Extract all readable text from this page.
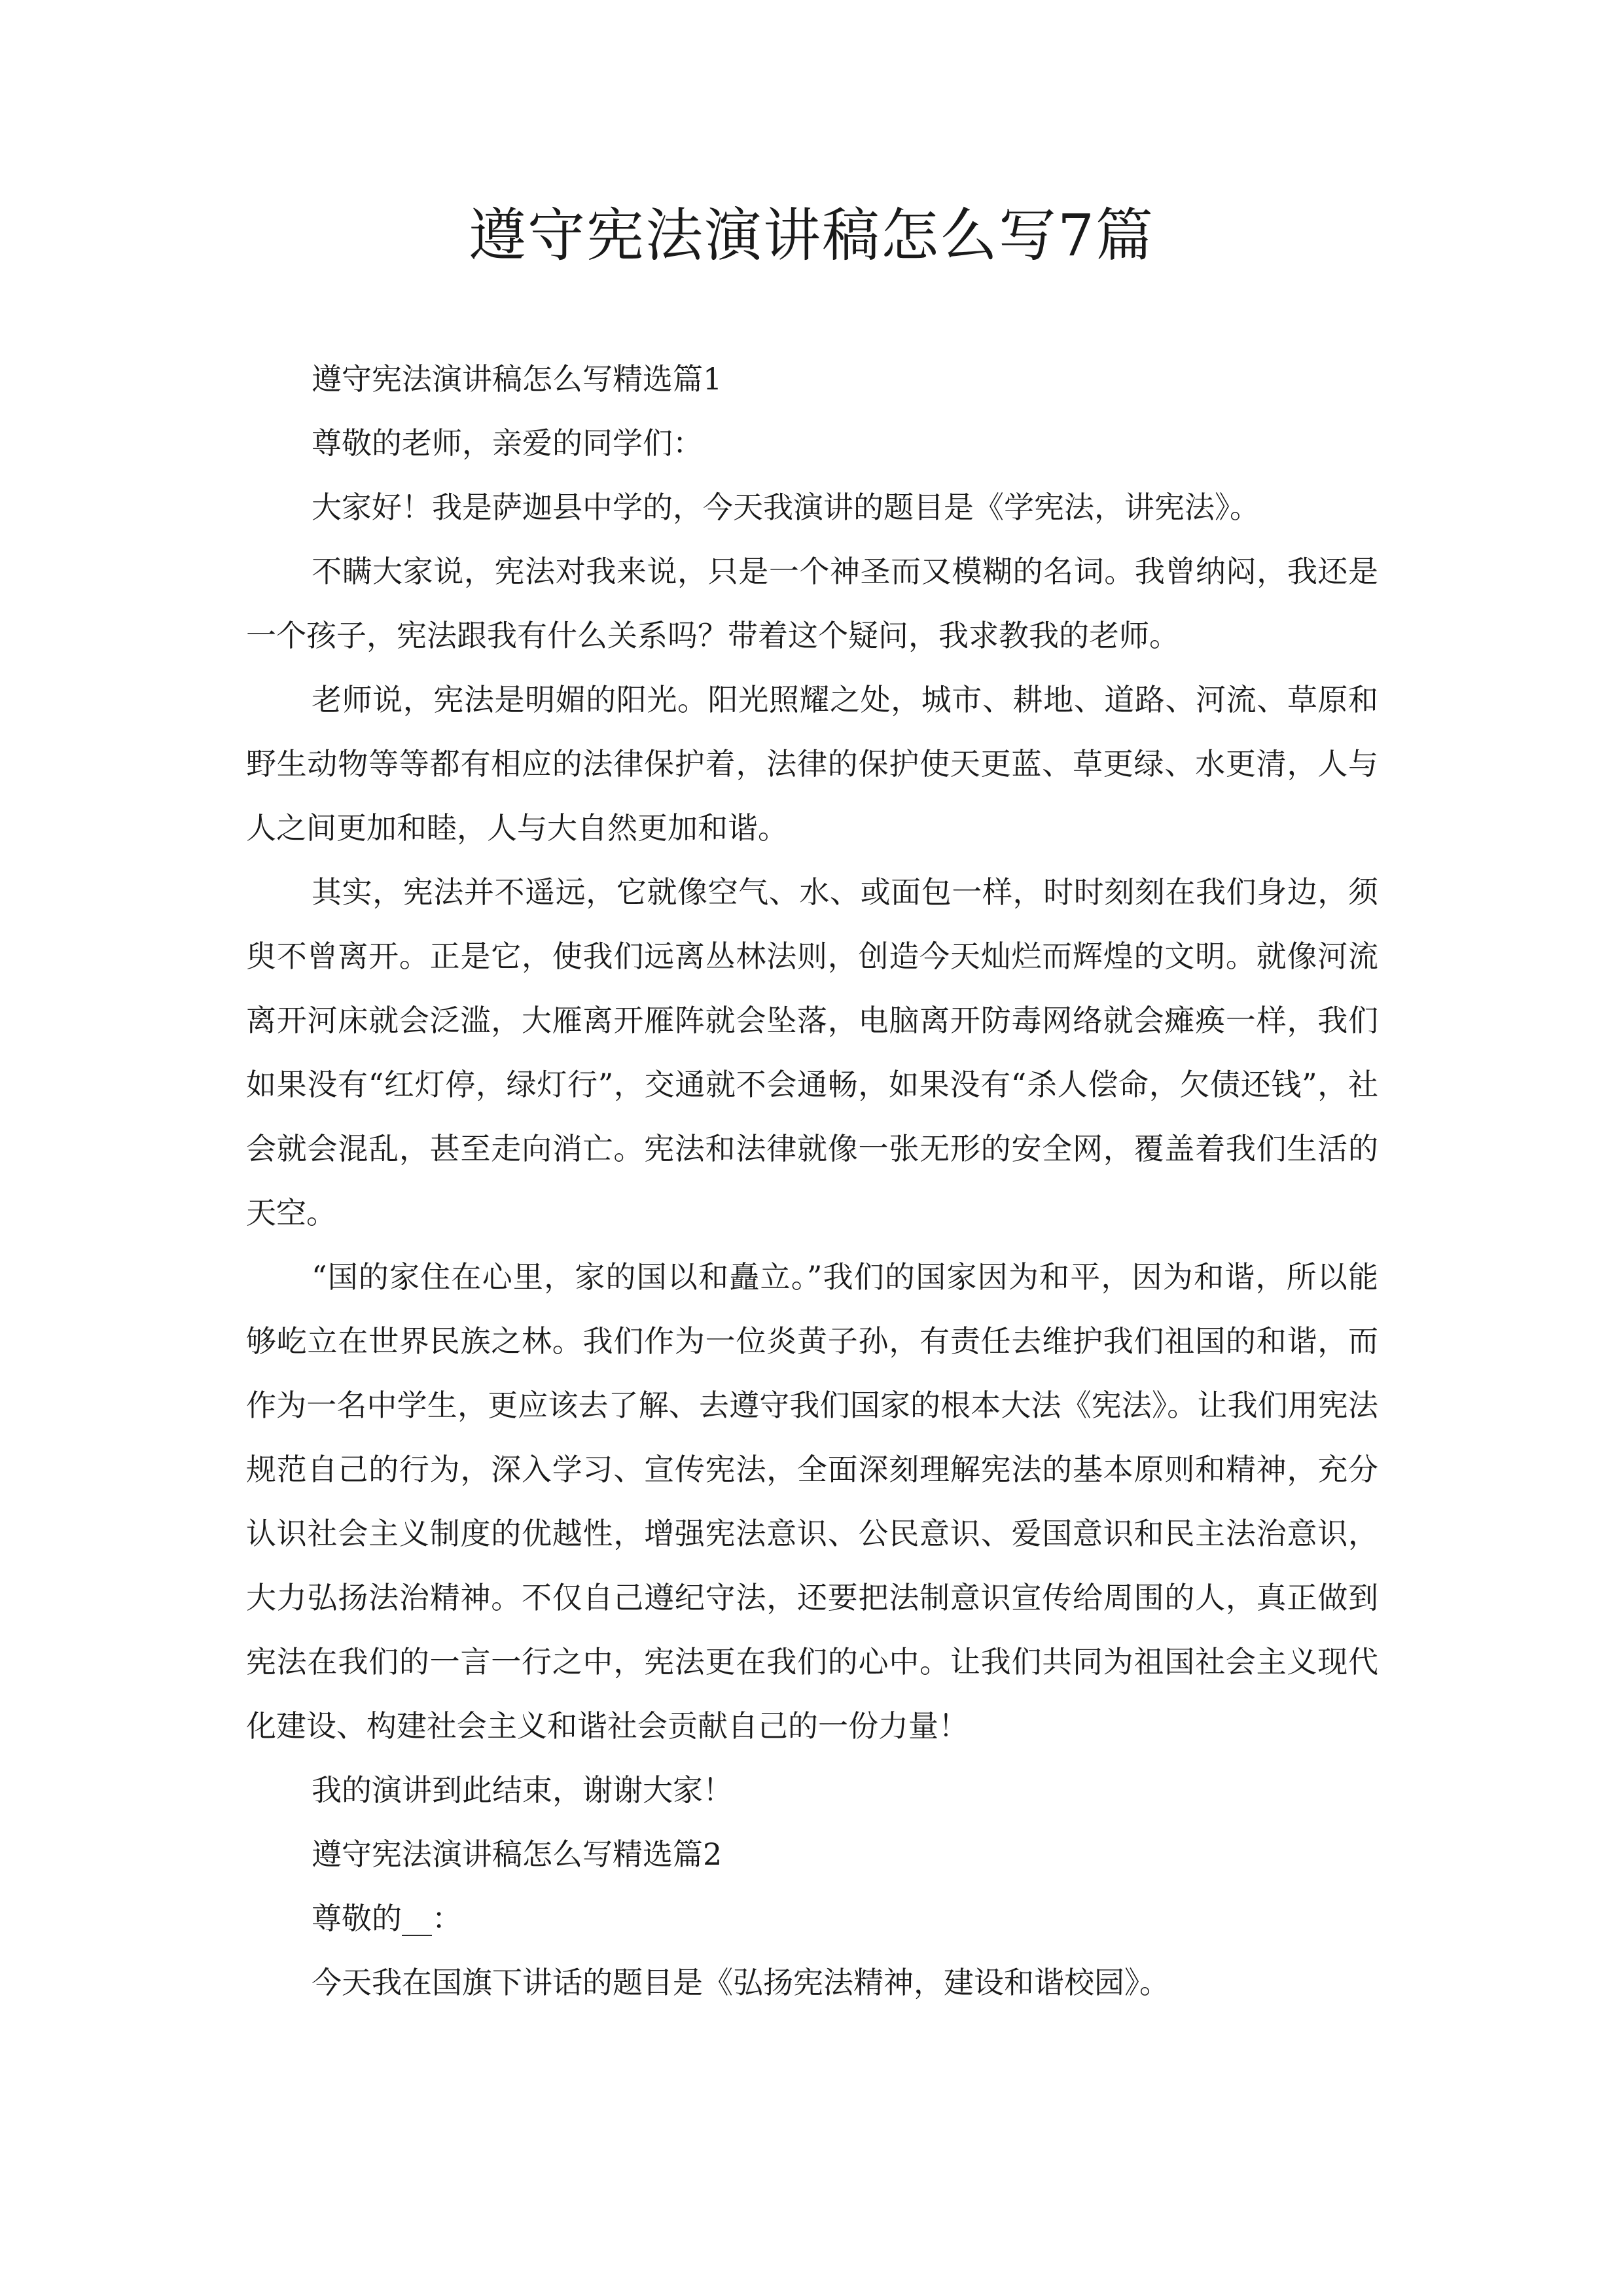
遵守宪法演讲稿怎么写7篇

遵守宪法演讲稿怎么写精选篇1

尊敬的老师，亲爱的同学们：

大家好！我是萨迦县中学的，今天我演讲的题目是《学宪法，讲宪法》。

不瞒大家说，宪法对我来说，只是一个神圣而又模糊的名词。我曾纳闷，我还是一个孩子，宪法跟我有什么关系吗？带着这个疑问，我求教我的老师。

老师说，宪法是明媚的阳光。阳光照耀之处，城市、耕地、道路、河流、草原和野生动物等等都有相应的法律保护着，法律的保护使天更蓝、草更绿、水更清，人与人之间更加和睦，人与大自然更加和谐。

其实，宪法并不遥远，它就像空气、水、或面包一样，时时刻刻在我们身边，须臾不曾离开。正是它，使我们远离丛林法则，创造今天灿烂而辉煌的文明。就像河流离开河床就会泛滥，大雁离开雁阵就会坠落，电脑离开防毒网络就会瘫痪一样，我们如果没有“红灯停，绿灯行”，交通就不会通畅，如果没有“杀人偿命，欠债还钱”，社会就会混乱，甚至走向消亡。宪法和法律就像一张无形的安全网，覆盖着我们生活的天空。

“国的家住在心里，家的国以和矗立。”我们的国家因为和平，因为和谐，所以能够屹立在世界民族之林。我们作为一位炎黄子孙，有责任去维护我们祖国的和谐，而作为一名中学生，更应该去了解、去遵守我们国家的根本大法《宪法》。让我们用宪法规范自己的行为，深入学习、宣传宪法，全面深刻理解宪法的基本原则和精神，充分认识社会主义制度的优越性，增强宪法意识、公民意识、爱国意识和民主法治意识，大力弘扬法治精神。不仅自己遵纪守法，还要把法制意识宣传给周围的人，真正做到宪法在我们的一言一行之中，宪法更在我们的心中。让我们共同为祖国社会主义现代化建设、构建社会主义和谐社会贡献自己的一份力量！

我的演讲到此结束，谢谢大家！

遵守宪法演讲稿怎么写精选篇2

尊敬的__：

今天我在国旗下讲话的题目是《弘扬宪法精神，建设和谐校园》。
